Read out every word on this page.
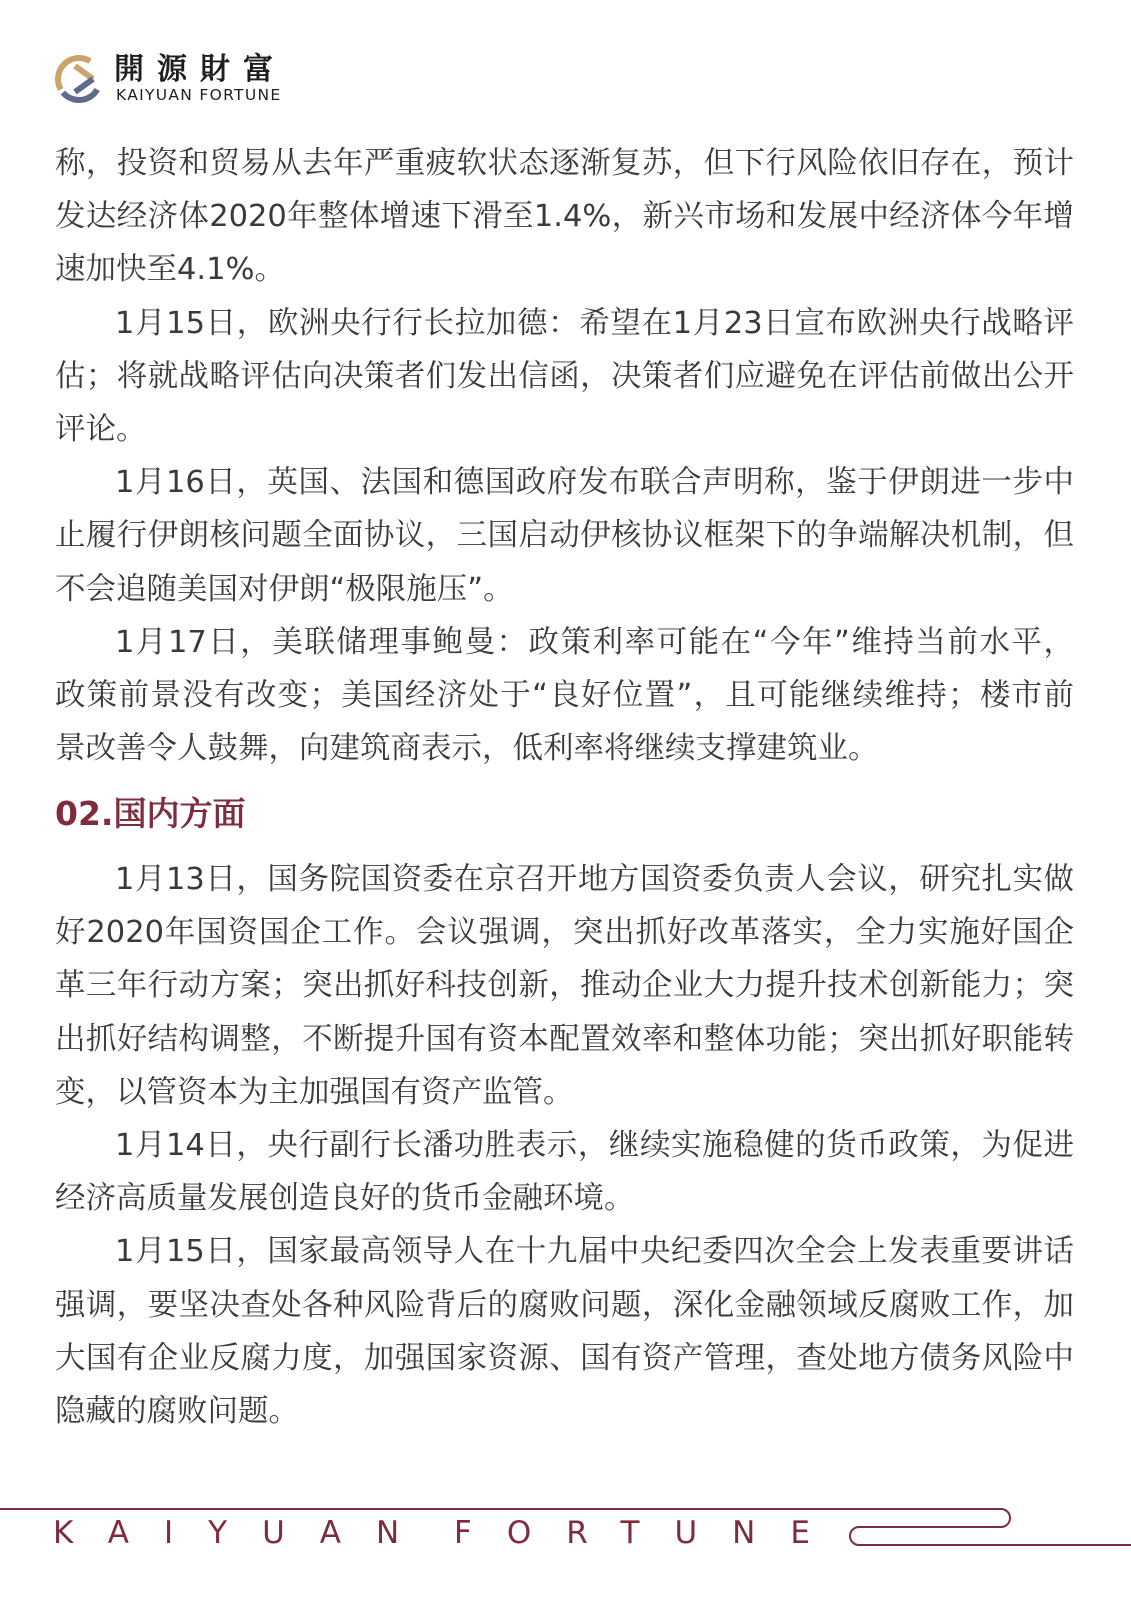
開源財富
KAIYUAN FORTUNE
称，投资和贸易从去年严重疲软状态逐渐复苏，但下行风险依旧存在，预计
发达经济体2020年整体增速下滑至1.4%，新兴市场和发展中经济体今年增
速加快至4.1%。
1月15日，欧洲央行行长拉加德：希望在1月23日宣布欧洲央行战略评
估；将就战略评估向决策者们发出信函，决策者们应避免在评估前做出公开
评论。
1月16日，英国、法国和德国政府发布联合声明称，鉴于伊朗进一步中
止履行伊朗核问题全面协议，三国启动伊核协议框架下的争端解决机制，但
不会追随美国对伊朗“极限施压”。
1月17日，美联储理事鲍曼：政策利率可能在“今年”维持当前水平，
政策前景没有改变；美国经济处于“良好位置”，且可能继续维持；楼市前
景改善令人鼓舞，向建筑商表示，低利率将继续支撑建筑业。
02.国内方面
1月13日，国务院国资委在京召开地方国资委负责人会议，研究扎实做
好2020年国资国企工作。会议强调，突出抓好改革落实，全力实施好国企
革三年行动方案；突出抓好科技创新，推动企业大力提升技术创新能力；突
出抓好结构调整，不断提升国有资本配置效率和整体功能；突出抓好职能转
变，以管资本为主加强国有资产监管。
1月14日，央行副行长潘功胜表示，继续实施稳健的货币政策，为促进
经济高质量发展创造良好的货币金融环境。
1月15日，国家最高领导人在十九届中央纪委四次全会上发表重要讲话
强调，要坚决查处各种风险背后的腐败问题，深化金融领域反腐败工作，加
大国有企业反腐力度，加强国家资源、国有资产管理，查处地方债务风险中
隐藏的腐败问题。
KAIYUAN FORTUNE
